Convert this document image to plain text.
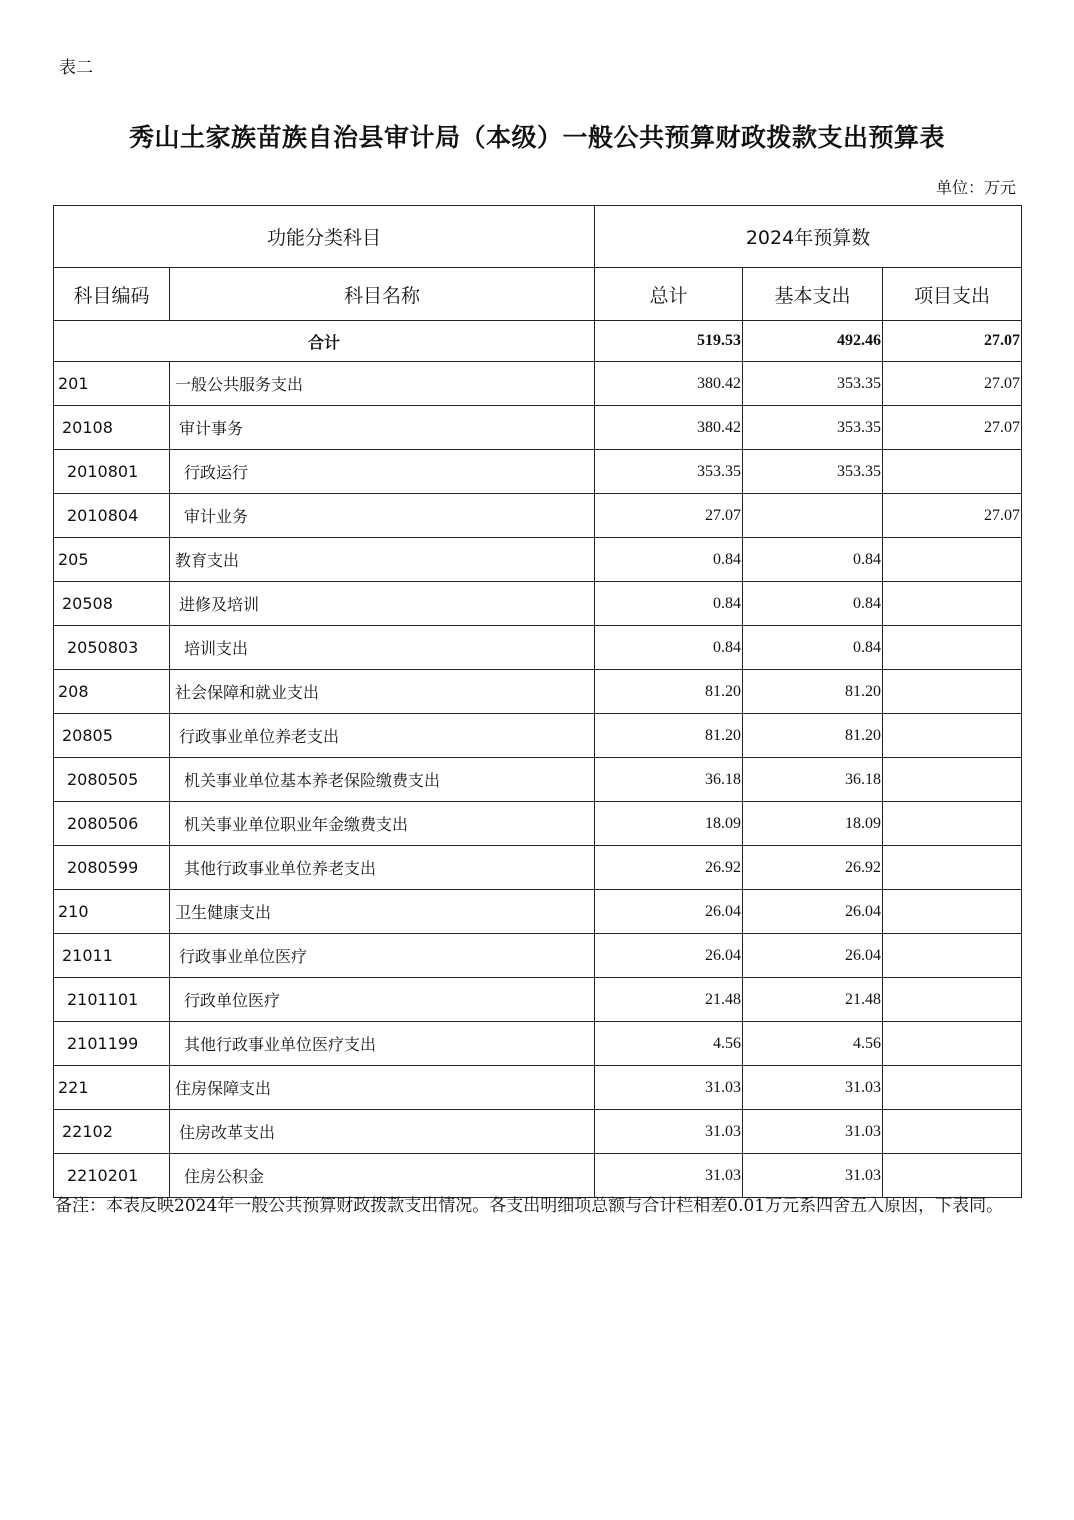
表二
秀山土家族苗族自治县审计局（本级）一般公共预算财政拨款支出预算表
单位：万元
功能分类科目		2024年预算数		
科目编码	科目名称	总计	基本支出	项目支出
合计		519.53	492.46	27.07
201	一般公共服务支出	380.42	353.35	27.07
20108	审计事务	380.42	353.35	27.07
2010801	行政运行	353.35	353.35	
2010804	审计业务	27.07		27.07
205	教育支出	0.84	0.84	
20508	进修及培训	0.84	0.84	
2050803	培训支出	0.84	0.84	
208	社会保障和就业支出	81.20	81.20	
20805	行政事业单位养老支出	81.20	81.20	
2080505	机关事业单位基本养老保险缴费支出	36.18	36.18	
2080506	机关事业单位职业年金缴费支出	18.09	18.09	
2080599	其他行政事业单位养老支出	26.92	26.92	
210	卫生健康支出	26.04	26.04	
21011	行政事业单位医疗	26.04	26.04	
2101101	行政单位医疗	21.48	21.48	
2101199	其他行政事业单位医疗支出	4.56	4.56	
221	住房保障支出	31.03	31.03	
22102	住房改革支出	31.03	31.03	
2210201	住房公积金	31.03	31.03	
备注：本表反映2024年一般公共预算财政拨款支出情况。各支出明细项总额与合计栏相差0.01万元系四舍五入原因，下表同。
